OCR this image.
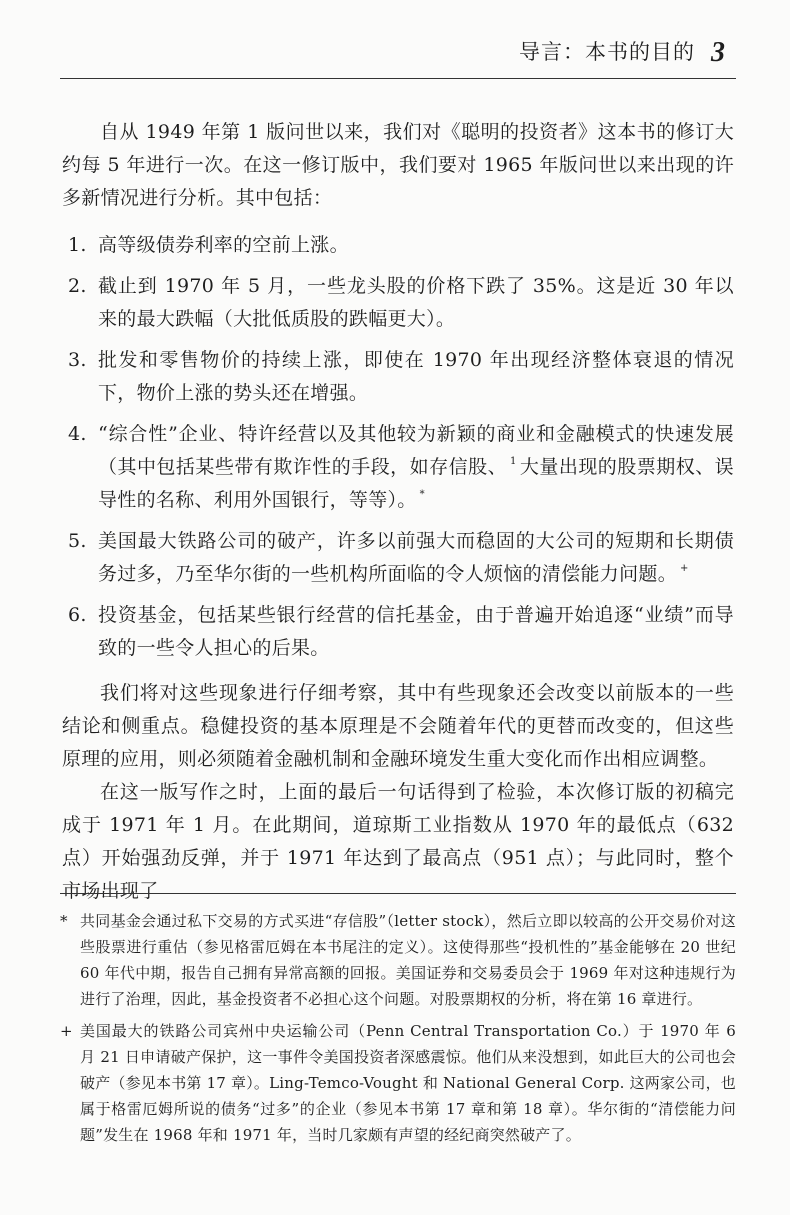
导言：本书的目的 3

自从 1949 年第 1 版问世以来，我们对《聪明的投资者》这本书的修订大约每 5 年进行一次。在这一修订版中，我们要对 1965 年版问世以来出现的许多新情况进行分析。其中包括：

1. 高等级债券利率的空前上涨。
2. 截止到 1970 年 5 月，一些龙头股的价格下跌了 35%。这是近 30 年以来的最大跌幅（大批低质股的跌幅更大）。
3. 批发和零售物价的持续上涨，即使在 1970 年出现经济整体衰退的情况下，物价上涨的势头还在增强。
4. “综合性”企业、特许经营以及其他较为新颖的商业和金融模式的快速发展（其中包括某些带有欺诈性的手段，如存信股、 $^1$ 大量出现的股票期权、误导性的名称、利用外国银行，等等）。 *
5. 美国最大铁路公司的破产，许多以前强大而稳固的大公司的短期和长期债务过多，乃至华尔街的一些机构所面临的令人烦恼的清偿能力问题。 +
6. 投资基金，包括某些银行经营的信托基金，由于普遍开始追逐“业绩”而导致的一些令人担心的后果。

我们将对这些现象进行仔细考察，其中有些现象还会改变以前版本的一些结论和侧重点。稳健投资的基本原理是不会随着年代的更替而改变的，但这些原理的应用，则必须随着金融机制和金融环境发生重大变化而作出相应调整。

在这一版写作之时，上面的最后一句话得到了检验，本次修订版的初稿完成于 1971 年 1 月。在此期间，道琼斯工业指数从 1970 年的最低点（632 点）开始强劲反弹，并于 1971 年达到了最高点（951 点）；与此同时，整个市场出现了

* 共同基金会通过私下交易的方式买进“存信股”（letter stock），然后立即以较高的公开交易价对这些股票进行重估（参见格雷厄姆在本书尾注的定义）。这使得那些“投机性的”基金能够在 20 世纪 60 年代中期，报告自己拥有异常高额的回报。美国证券和交易委员会于 1969 年对这种违规行为进行了治理，因此，基金投资者不必担心这个问题。对股票期权的分析，将在第 16 章进行。
+ 美国最大的铁路公司宾州中央运输公司（Penn Central Transportation Co.）于 1970 年 6 月 21 日申请破产保护，这一事件令美国投资者深感震惊。他们从来没想到，如此巨大的公司也会破产（参见本书第 17 章）。Ling-Temco-Vought 和 National General Corp. 这两家公司，也属于格雷厄姆所说的债务“过多”的企业（参见本书第 17 章和第 18 章）。华尔街的“清偿能力问题”发生在 1968 年和 1971 年，当时几家颇有声望的经纪商突然破产了。
